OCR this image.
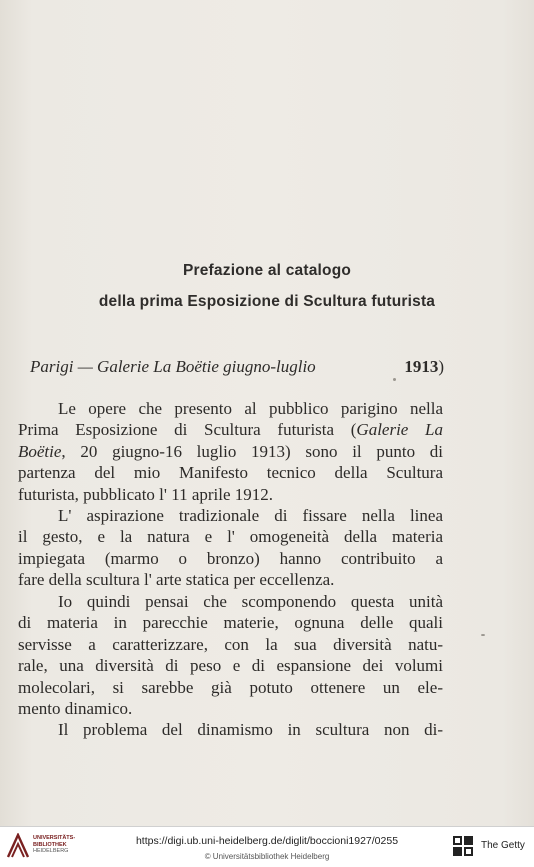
Prefazione al catalogo
della prima Esposizione di Scultura futurista
Parigi — Galerie La Boëtie giugno-luglio	1913)
Le opere che presento al pubblico parigino nella
Prima Esposizione di Scultura futurista (Galerie La
Boëtie, 20 giugno-16 luglio 1913) sono il punto di
partenza del mio Manifesto tecnico della Scultura
futurista, pubblicato l' 11 aprile 1912.
L' aspirazione tradizionale di fissare nella linea
il gesto, e la natura e l' omogeneità della materia
impiegata (marmo o bronzo) hanno contribuito a
fare della scultura l' arte statica per eccellenza.
Io quindi pensai che scomponendo questa unità
di materia in parecchie materie, ognuna delle quali
servisse a caratterizzare, con la sua diversità natu-
rale, una diversità di peso e di espansione dei volumi
molecolari, si sarebbe già potuto ottenere un ele-
mento dinamico.
Il problema del dinamismo in scultura non di-
UNIVERSITÄTS-
BIBLIOTHEK
HEIDELBERG
https://digi.ub.uni-heidelberg.de/diglit/boccioni1927/0255
© Universitätsbibliothek Heidelberg
The Getty
